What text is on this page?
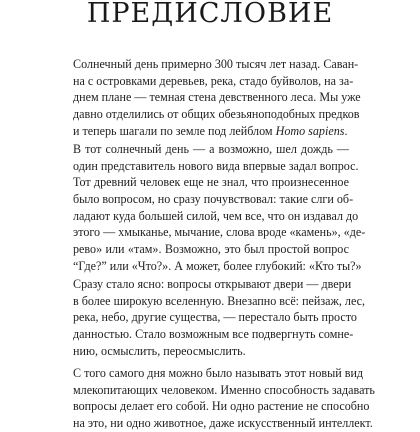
ПРЕДИСЛОВИЕ
Солнечный день примерно 300 тысяч лет назад. Саван-
на с островками деревьев, река, стадо буйволов, на за-
днем плане — темная стена девственного леса. Мы уже
давно отделились от общих обезьяноподобных предков
и теперь шагали по земле под лейблом Homo sapiens.
В тот солнечный день — а возможно, шел дождь —
один представитель нового вида впервые задал вопрос.
Тот древний человек еще не знал, что произнесенное
было вопросом, но сразу почувствовал: такие слги об-
ладают куда большей силой, чем все, что он издавал до
этого — хмыканье, мычание, слова вроде «камень», «де-
рево» или «там». Возможно, это был простой вопрос
“Где?” или «Что?». А может, более глубокий: «Кто ты?»
Сразу стало ясно: вопросы открывают двери — двери
в более широкую вселенную. Внезапно всё: пейзаж, лес,
река, небо, другие существа, — перестало быть просто
данностью. Стало возможным все подвергнуть сомне-
нию, осмыслить, переосмыслить.
С того самого дня можно было называть этот новый вид
млекопитающих человеком. Именно способность задавать
вопросы делает его собой. Ни одно растение не способно
на это, ни одно животное, даже искусственный интеллект.
